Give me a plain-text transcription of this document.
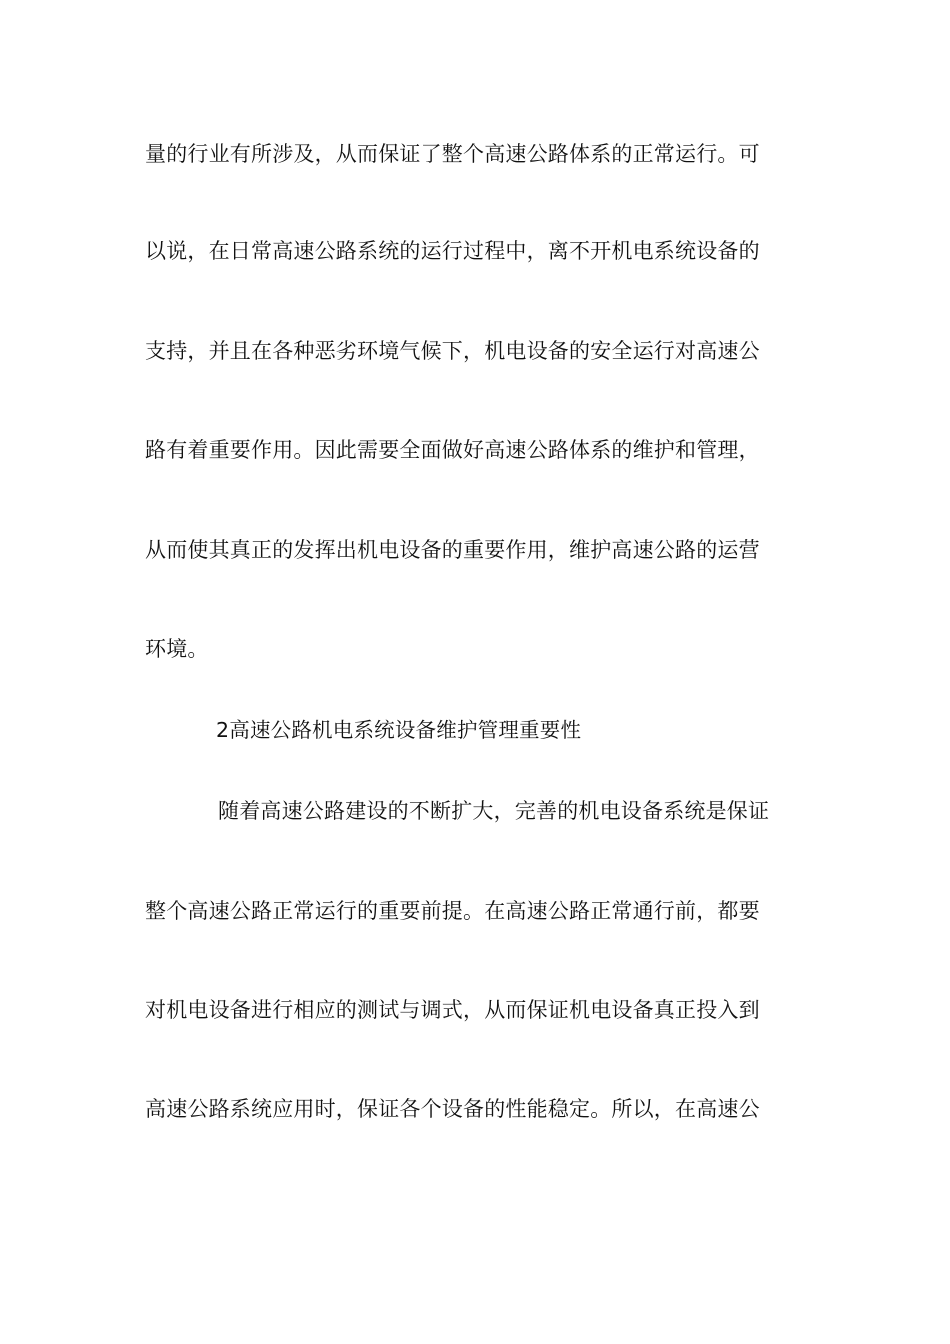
量的行业有所涉及，从而保证了整个高速公路体系的正常运行。可
以说，在日常高速公路系统的运行过程中，离不开机电系统设备的
支持，并且在各种恶劣环境气候下，机电设备的安全运行对高速公
路有着重要作用。因此需要全面做好高速公路体系的维护和管理，
从而使其真正的发挥出机电设备的重要作用，维护高速公路的运营
环境。
2高速公路机电系统设备维护管理重要性
随着高速公路建设的不断扩大，完善的机电设备系统是保证
整个高速公路正常运行的重要前提。在高速公路正常通行前，都要
对机电设备进行相应的测试与调式，从而保证机电设备真正投入到
高速公路系统应用时，保证各个设备的性能稳定。所以，在高速公
